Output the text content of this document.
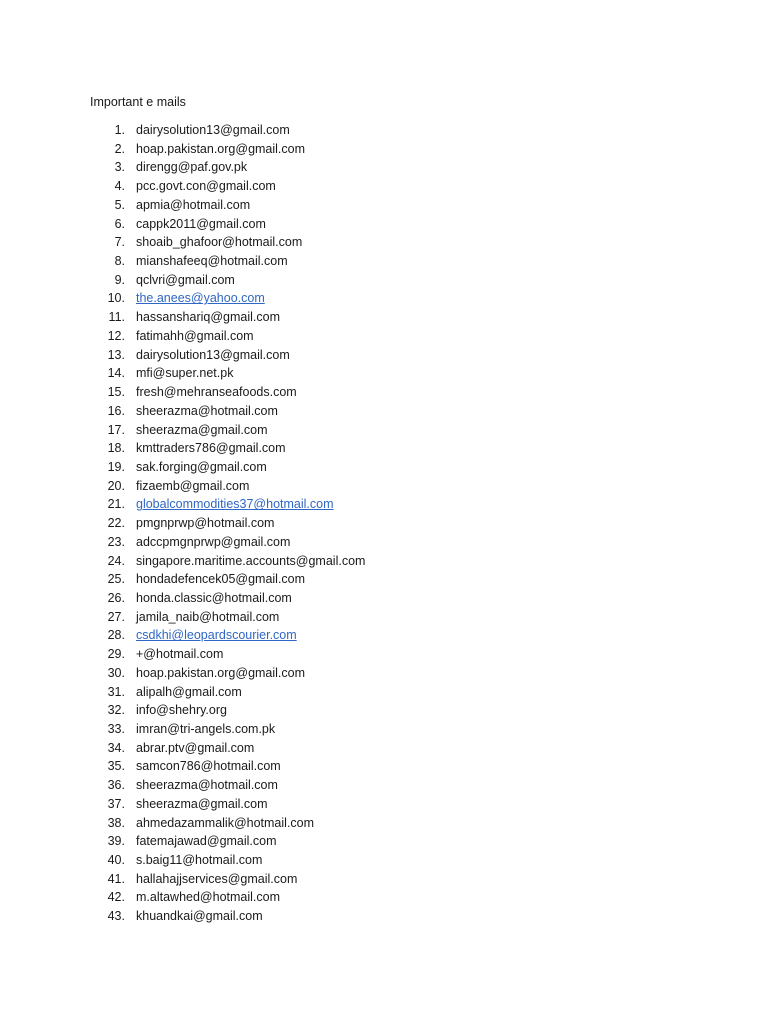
Important e mails

1. dairysolution13@gmail.com
2. hoap.pakistan.org@gmail.com
3. direngg@paf.gov.pk
4. pcc.govt.con@gmail.com
5. apmia@hotmail.com
6. cappk2011@gmail.com
7. shoaib_ghafoor@hotmail.com
8. mianshafeeq@hotmail.com
9. qclvri@gmail.com
10. the.anees@yahoo.com
11. hassanshariq@gmail.com
12. fatimahh@gmail.com
13. dairysolution13@gmail.com
14. mfi@super.net.pk
15. fresh@mehranseafoods.com
16. sheerazma@hotmail.com
17. sheerazma@gmail.com
18. kmttraders786@gmail.com
19. sak.forging@gmail.com
20. fizaemb@gmail.com
21. globalcommodities37@hotmail.com
22. pmgnprwp@hotmail.com
23. adccpmgnprwp@gmail.com
24. singapore.maritime.accounts@gmail.com
25. hondadefencek05@gmail.com
26. honda.classic@hotmail.com
27. jamila_naib@hotmail.com
28. csdkhi@leopardscourier.com
29. +@hotmail.com
30. hoap.pakistan.org@gmail.com
31. alipalh@gmail.com
32. info@shehry.org
33. imran@tri-angels.com.pk
34. abrar.ptv@gmail.com
35. samcon786@hotmail.com
36. sheerazma@hotmail.com
37. sheerazma@gmail.com
38. ahmedazammalik@hotmail.com
39. fatemajawad@gmail.com
40. s.baig11@hotmail.com
41. hallahajjservices@gmail.com
42. m.altawhed@hotmail.com
43. khuandkai@gmail.com
